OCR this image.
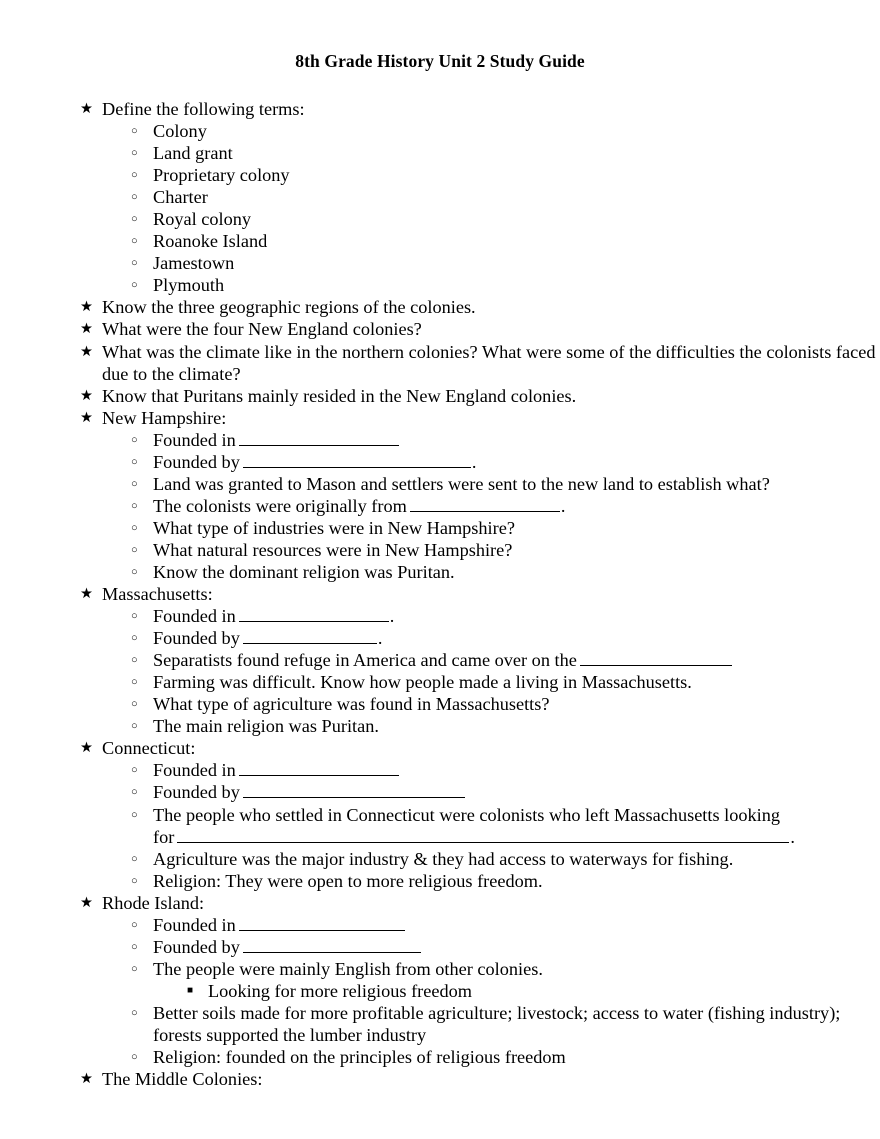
8th Grade History Unit 2 Study Guide
★ Define the following terms:
○ Colony
○ Land grant
○ Proprietary colony
○ Charter
○ Royal colony
○ Roanoke Island
○ Jamestown
○ Plymouth
★ Know the three geographic regions of the colonies.
★ What were the four New England colonies?
★ What was the climate like in the northern colonies? What were some of the difficulties the colonists faced due to the climate?
★ Know that Puritans mainly resided in the New England colonies.
★ New Hampshire:
○ Founded in
○ Founded by	.
○ Land was granted to Mason and settlers were sent to the new land to establish what?
○ The colonists were originally from	.
○ What type of industries were in New Hampshire?
○ What natural resources were in New Hampshire?
○ Know the dominant religion was Puritan.
★ Massachusetts:
○ Founded in	.
○ Founded by	.
○ Separatists found refuge in America and came over on the
○ Farming was difficult. Know how people made a living in Massachusetts.
○ What type of agriculture was found in Massachusetts?
○ The main religion was Puritan.
★ Connecticut:
○ Founded in
○ Founded by
○ The people who settled in Connecticut were colonists who left Massachusetts looking
for	.
○ Agriculture was the major industry & they had access to waterways for fishing.
○ Religion: They were open to more religious freedom.
★ Rhode Island:
○ Founded in
○ Founded by
○ The people were mainly English from other colonies.
■ Looking for more religious freedom
○ Better soils made for more profitable agriculture; livestock; access to water (fishing industry); forests supported the lumber industry
○ Religion: founded on the principles of religious freedom
★ The Middle Colonies:
